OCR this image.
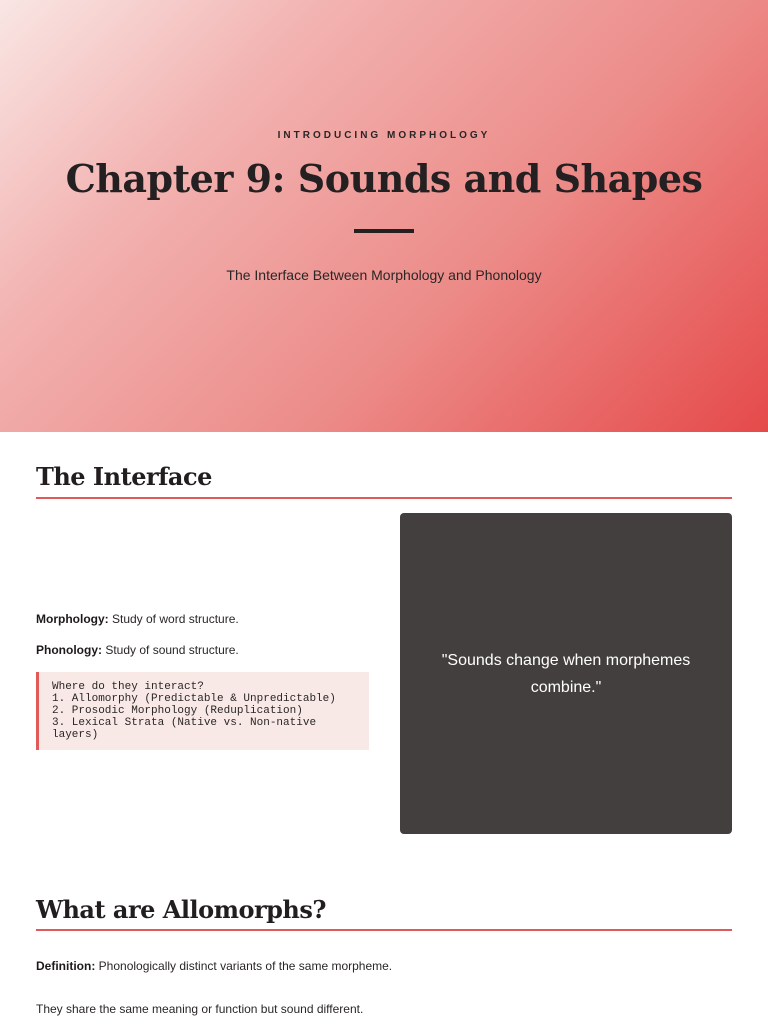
INTRODUCING MORPHOLOGY
Chapter 9: Sounds and Shapes
The Interface Between Morphology and Phonology
The Interface

Morphology: Study of word structure.

Phonology: Study of sound structure.

Where do they interact?
1. Allomorphy (Predictable & Unpredictable)
2. Prosodic Morphology (Reduplication)
3. Lexical Strata (Native vs. Non-native
layers)

"Sounds change when morphemes combine."

What are Allomorphs?

Definition: Phonologically distinct variants of the same morpheme.

They share the same meaning or function but sound different.
